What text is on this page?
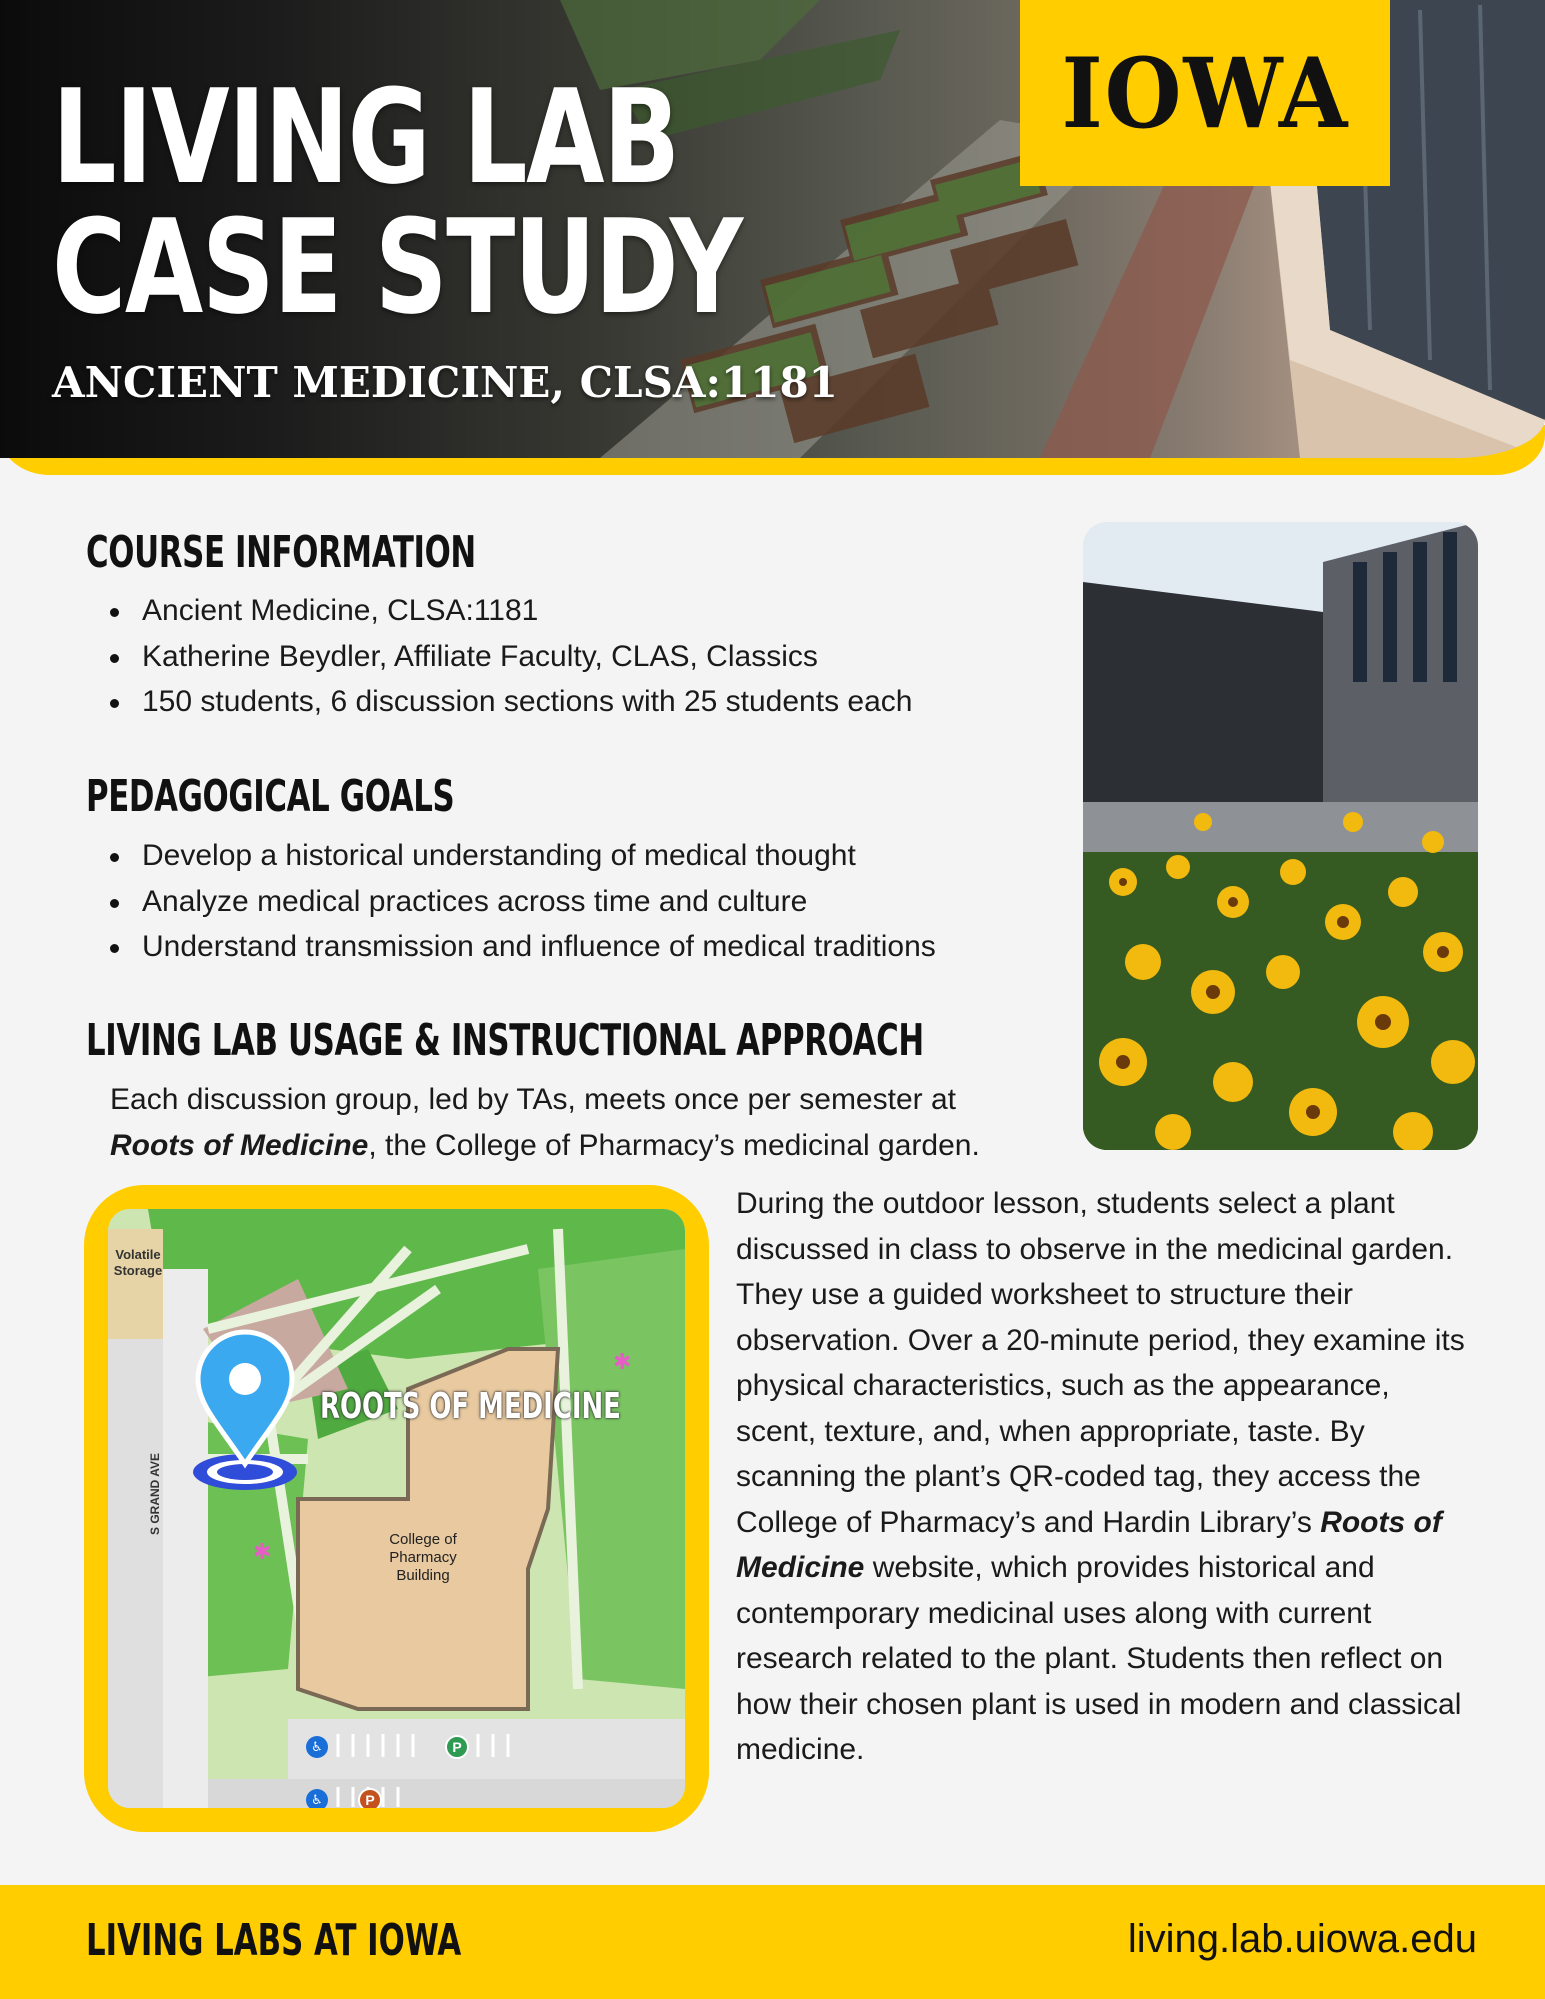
LIVING LAB
CASE STUDY
ANCIENT MEDICINE, CLSA:1181
IOWA
COURSE INFORMATION
Ancient Medicine, CLSA:1181
Katherine Beydler, Affiliate Faculty, CLAS, Classics
150 students, 6 discussion sections with 25 students each
PEDAGOGICAL GOALS
Develop a historical understanding of medical thought
Analyze medical practices across time and culture
Understand transmission and influence of medical traditions
LIVING LAB USAGE & INSTRUCTIONAL APPROACH
Each discussion group, led by TAs, meets once per semester at
Roots of Medicine, the College of Pharmacy’s medicinal garden.
✱
✱
Volatile
Storage
S GRAND AVE
College of
Pharmacy
Building
ROOTS OF MEDICINE
♿	P
♿	P
During the outdoor lesson, students select a plant discussed in class to observe in the medicinal garden. They use a guided worksheet to structure their observation. Over a 20-minute period, they examine its physical characteristics, such as the appearance, scent, texture, and, when appropriate, taste. By scanning the plant’s QR-coded tag, they access the College of Pharmacy’s and Hardin Library’s Roots of Medicine website, which provides historical and contemporary medicinal uses along with current research related to the plant. Students then reflect on how their chosen plant is used in modern and classical medicine.
LIVING LABS AT IOWA	living.lab.uiowa.edu
